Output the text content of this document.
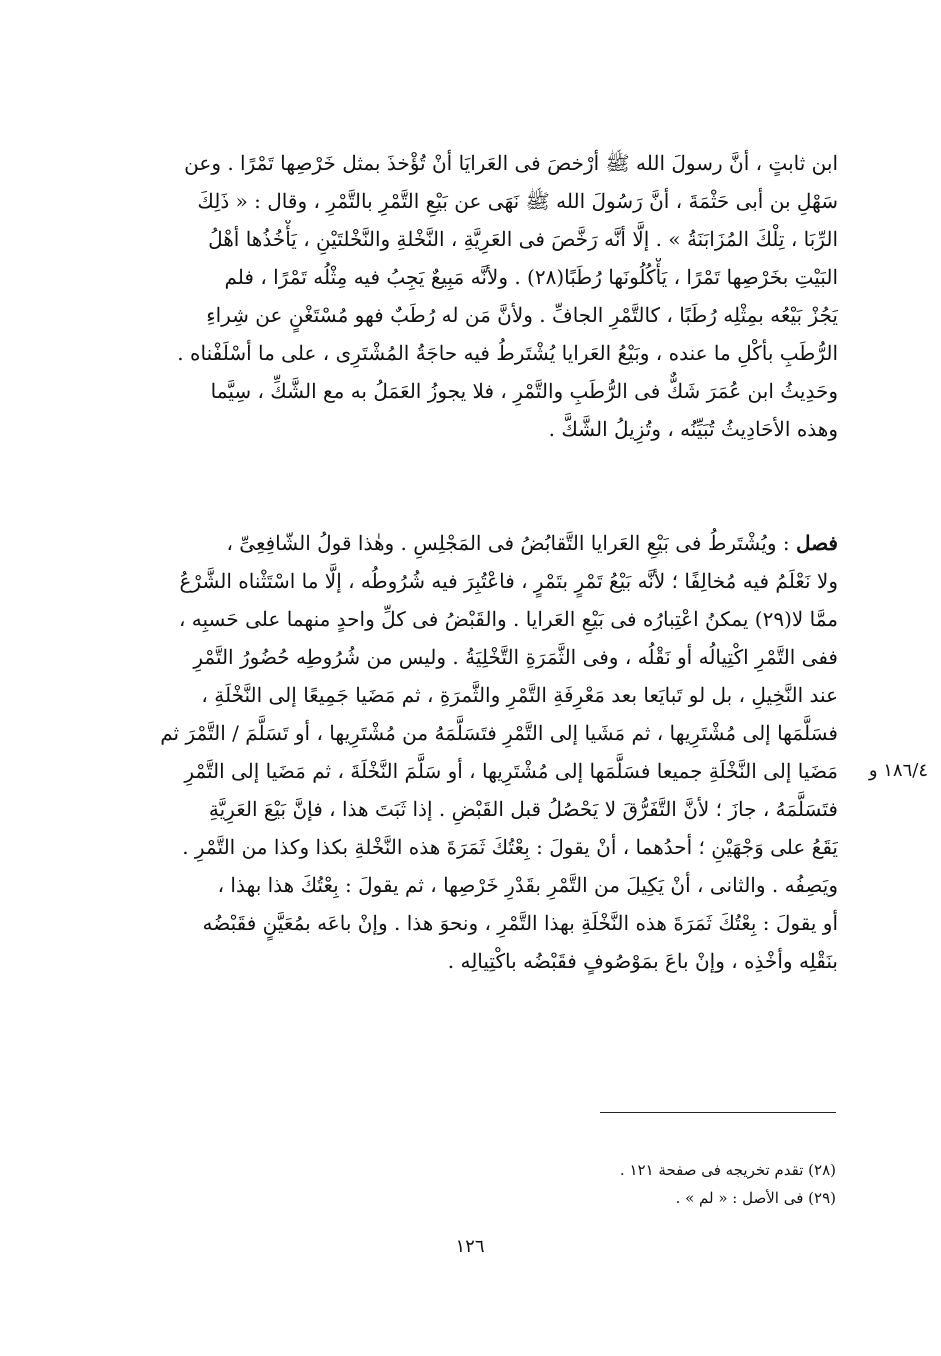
ابن ثابتٍ ، أنَّ رسولَ الله ﷺ أرْخصَ فى العَرايَا أنْ تُؤْخذَ بمثل خَرْصِها تَمْرًا . وعن
سَهْلِ بن أبى حَثْمَةَ ، أنَّ رَسُولَ الله ﷺ نَهَى عن بَيْعِ التَّمْرِ بالتَّمْرِ ، وقال : « ذَلِكَ
الرِّبَا ، تِلْكَ المُزَابَنَةُ » . إلَّا أنَّه رَخَّصَ فى العَرِيَّةِ ، النَّخْلةِ والنَّخْلتَيْنِ ، يَأْخُذُها أهْلُ
البَيْتِ بخَرْصِها تَمْرًا ، يَأْكُلُونَها رُطَبًا(٢٨) . ولأنَّه مَبِيعٌ يَجِبُ فيه مِثْلُه تَمْرًا ، فلم
يَجُزْ بَيْعُه بمِثْلِه رُطَبًا ، كالتَّمْرِ الجافِّ . ولأنَّ مَن له رُطَبٌ فهو مُسْتَغْنٍ عن شِراءِ
الرُّطَبِ بأكْلِ ما عنده ، وبَيْعُ العَرايا يُشْتَرطُ فيه حاجَةُ المُشْتَرِى ، على ما أسْلَفْناه .
وحَدِيثُ ابن عُمَرَ شَكٌّ فى الرُّطَبِ والتَّمْرِ ، فلا يجوزُ العَمَلُ به مع الشَّكِّ ، سِيَّما
وهذه الأحَادِيثُ تُبَيِّنُه ، وتُزِيلُ الشَّكَّ .
فصل : ويُشْتَرطُ فى بَيْعِ العَرايا التَّقابُضُ فى المَجْلِسِ . وهٰذا قولُ الشّافِعِىِّ ،
ولا نَعْلَمُ فيه مُخالِفًا ؛ لأنَّه بَيْعُ تَمْرٍ بتَمْرٍ ، فاعْتُبِرَ فيه شُرُوطُه ، إلَّا ما اسْتَثْناه الشَّرْعُ
ممَّا لا(٢٩) يمكنُ اعْتِبارُه فى بَيْعِ العَرايا . والقَبْضُ فى كلِّ واحدٍ منهما على حَسبِه ،
ففى التَّمْرِ اكْتِيالُه أو نَقْلُه ، وفى الثَّمَرَةِ التَّخْلِيَةُ . وليس من شُرُوطِه حُضُورُ التَّمْرِ
عند النَّخِيلِ ، بل لو تَبايَعا بعد مَعْرِفَةِ التَّمْرِ والثَّمرَةِ ، ثم مَضَيا جَمِيعًا إلى النَّخْلَةِ ،
فسَلَّمَها إلى مُشْتَرِيها ، ثم مَشَيا إلى التَّمْرِ فتَسَلَّمَهُ من مُشْتَرِيها ، أو تَسَلَّمَ / التَّمْرَ ثم
مَضَيا إلى النَّخْلَةِ جميعا فسَلَّمَها إلى مُشْتَرِيها ، أو سَلَّمَ النَّخْلَةَ ، ثم مَضَيا إلى التَّمْرِ
فتَسَلَّمَهُ ، جازَ ؛ لأنَّ التَّفَرُّقَ لا يَحْصُلُ قبل القَبْضِ . إذا ثَبَتَ هذا ، فإنَّ بَيْعَ العَرِيَّةِ
يَقَعُ على وَجْهَيْنِ ؛ أحدُهما ، أنْ يقولَ : بِعْتُكَ ثَمَرَةَ هذه النَّخْلةِ بكذا وكذا من التَّمْرِ .
ويَصِفُه . والثانى ، أنْ يَكِيلَ من التَّمْرِ بقَدْرِ خَرْصِها ، ثم يقولَ : بِعْتُكَ هذا بهذا ،
أو يقولَ : بِعْتُكَ ثَمَرَةَ هذه النَّخْلَةِ بهذا التَّمْرِ ، ونحوَ هذا . وإنْ باعَه بمُعَيَّنٍ فقَبْضُه
بنَقْلِه وأخْذِه ، وإنْ باعَ بمَوْصُوفٍ فقَبْضُه باكْتِيالِه .
١٨٦/٤ و
(٢٨) تقدم تخريجه فى صفحة ١٢١ .
(٢٩) فى الأصل : « لم » .
١٢٦
